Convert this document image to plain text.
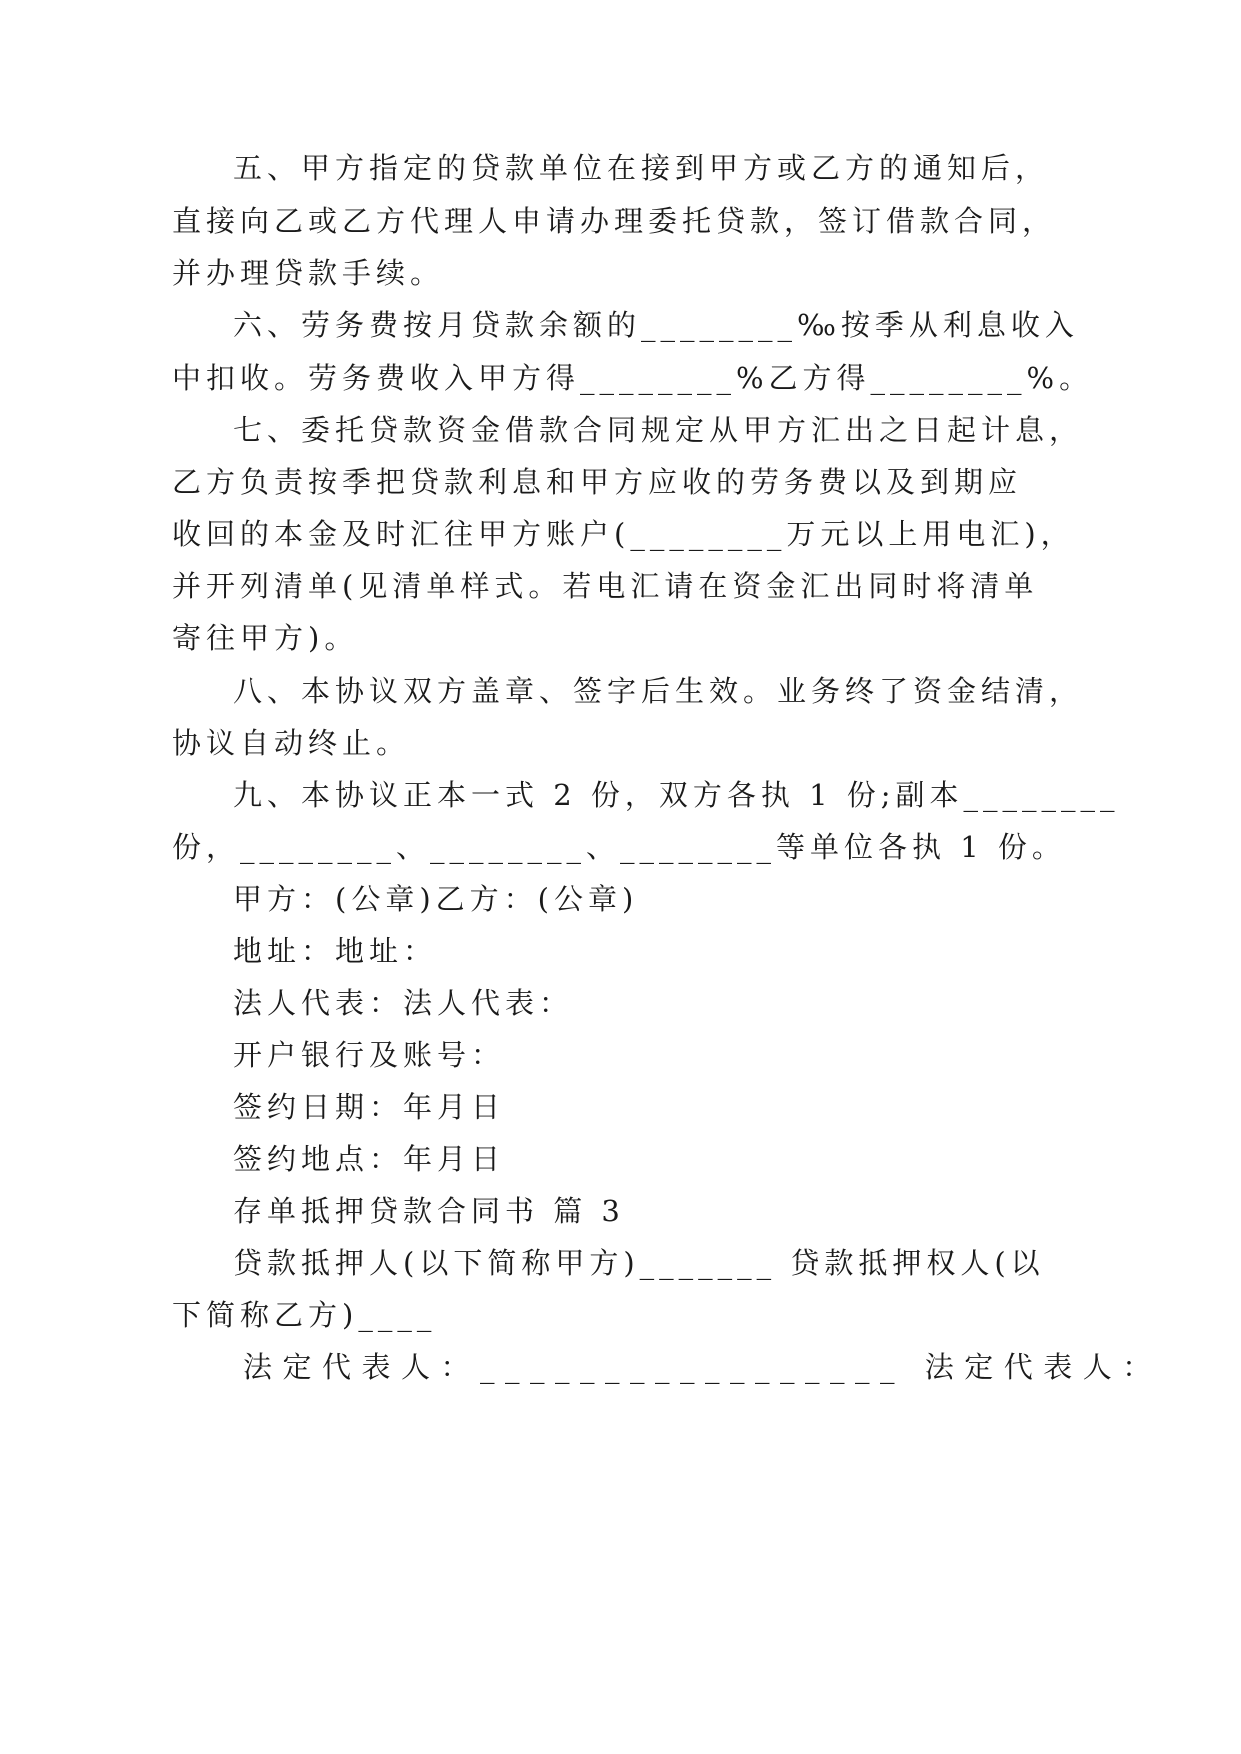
五、甲方指定的贷款单位在接到甲方或乙方的通知后，
直接向乙或乙方代理人申请办理委托贷款，签订借款合同，
并办理贷款手续。
六、劳务费按月贷款余额的________‰按季从利息收入
中扣收。劳务费收入甲方得________%乙方得________%。
七、委托贷款资金借款合同规定从甲方汇出之日起计息，
乙方负责按季把贷款利息和甲方应收的劳务费以及到期应
收回的本金及时汇往甲方账户(________万元以上用电汇)，
并开列清单(见清单样式。若电汇请在资金汇出同时将清单
寄往甲方)。
八、本协议双方盖章、签字后生效。业务终了资金结清，
协议自动终止。
九、本协议正本一式 2 份，双方各执 1 份;副本________
份，________、________、________等单位各执 1 份。
甲方：(公章)乙方：(公章)
地址：地址：
法人代表：法人代表：
开户银行及账号：
签约日期：年月日
签约地点：年月日
存单抵押贷款合同书 篇 3
贷款抵押人(以下简称甲方)_______ 贷款抵押权人(以
下简称乙方)____
法定代表人：_________________ 法定代表人：
